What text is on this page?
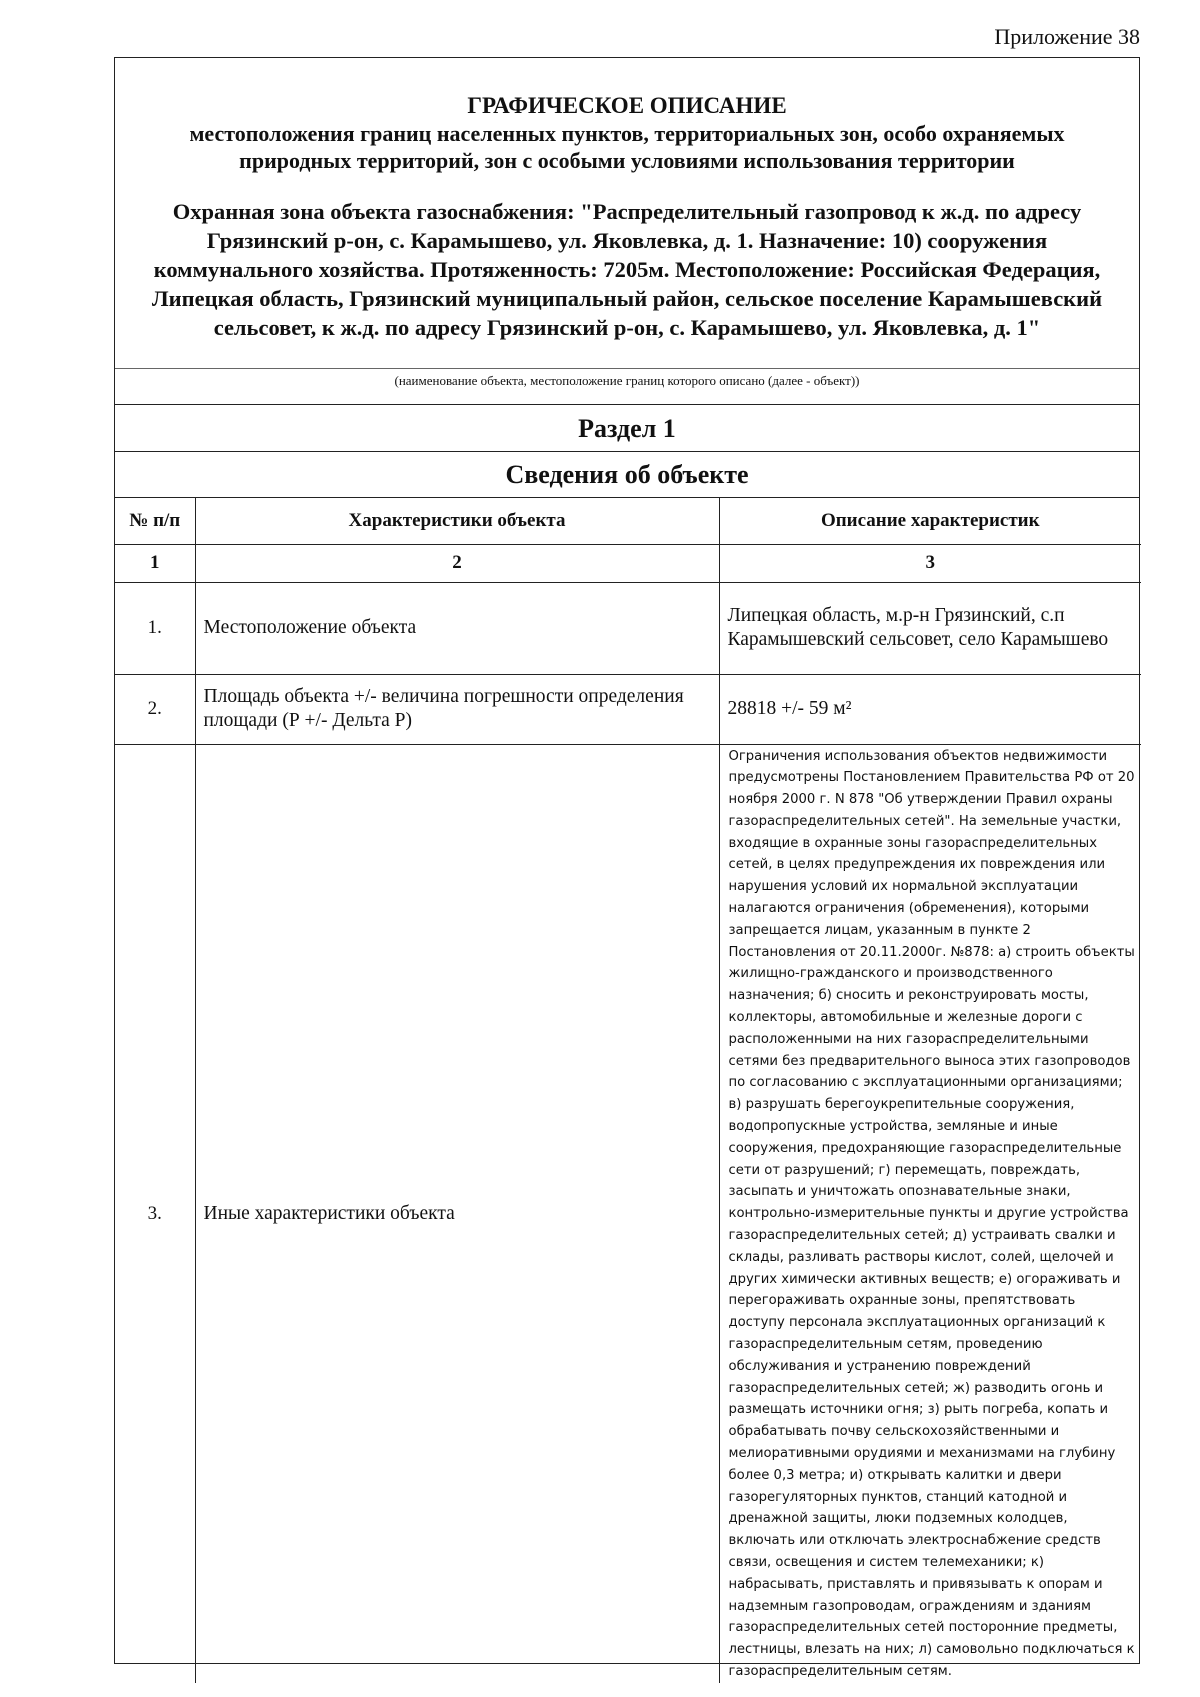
Приложение 38
ГРАФИЧЕСКОЕ ОПИСАНИЕ
местоположения границ населенных пунктов, территориальных зон, особо охраняемых природных территорий, зон с особыми условиями использования территории
Охранная зона объекта газоснабжения: "Распределительный газопровод к ж.д. по адресу Грязинский р-он, с. Карамышево, ул. Яковлевка, д. 1. Назначение: 10) сооружения коммунального хозяйства. Протяженность: 7205м. Местоположение: Российская Федерация, Липецкая область, Грязинский муниципальный район, сельское поселение Карамышевский сельсовет, к ж.д. по адресу Грязинский р-он, с. Карамышево, ул. Яковлевка, д. 1"
(наименование объекта, местоположение границ которого описано (далее - объект))
Раздел 1
Сведения об объекте
№ п/п	Характеристики объекта	Описание характеристик
1	2	3
1.	Местоположение объекта	Липецкая область, м.р-н Грязинский, с.п Карамышевский сельсовет, село Карамышево
2.	Площадь объекта +/- величина погрешности определения площади (Р +/- Дельта Р)	28818 +/- 59 м²
3.	Иные характеристики объекта	Ограничения использования объектов недвижимости предусмотрены Постановлением Правительства РФ от 20 ноября 2000 г. N 878 "Об утверждении Правил охраны газораспределительных сетей". На земельные участки, входящие в охранные зоны газораспределительных сетей, в целях предупреждения их повреждения или нарушения условий их нормальной эксплуатации налагаются ограничения (обременения), которыми запрещается лицам, указанным в пункте 2 Постановления от 20.11.2000г. №878: а) строить объекты жилищно-гражданского и производственного назначения; б) сносить и реконструировать мосты, коллекторы, автомобильные и железные дороги с расположенными на них газораспределительными сетями без предварительного выноса этих газопроводов по согласованию с эксплуатационными организациями; в) разрушать берегоукрепительные сооружения, водопропускные устройства, земляные и иные сооружения, предохраняющие газораспределительные сети от разрушений; г) перемещать, повреждать, засыпать и уничтожать опознавательные знаки, контрольно-измерительные пункты и другие устройства газораспределительных сетей; д) устраивать свалки и склады, разливать растворы кислот, солей, щелочей и других химически активных веществ; е) огораживать и перегораживать охранные зоны, препятствовать доступу персонала эксплуатационных организаций к газораспределительным сетям, проведению обслуживания и устранению повреждений газораспределительных сетей; ж) разводить огонь и размещать источники огня; з) рыть погреба, копать и обрабатывать почву сельскохозяйственными и мелиоративными орудиями и механизмами на глубину более 0,3 метра; и) открывать калитки и двери газорегуляторных пунктов, станций катодной и дренажной защиты, люки подземных колодцев, включать или отключать электроснабжение средств связи, освещения и систем телемеханики; к) набрасывать, приставлять и привязывать к опорам и надземным газопроводам, ограждениям и зданиям газораспределительных сетей посторонние предметы, лестницы, влезать на них; л) самовольно подключаться к газораспределительным сетям.
